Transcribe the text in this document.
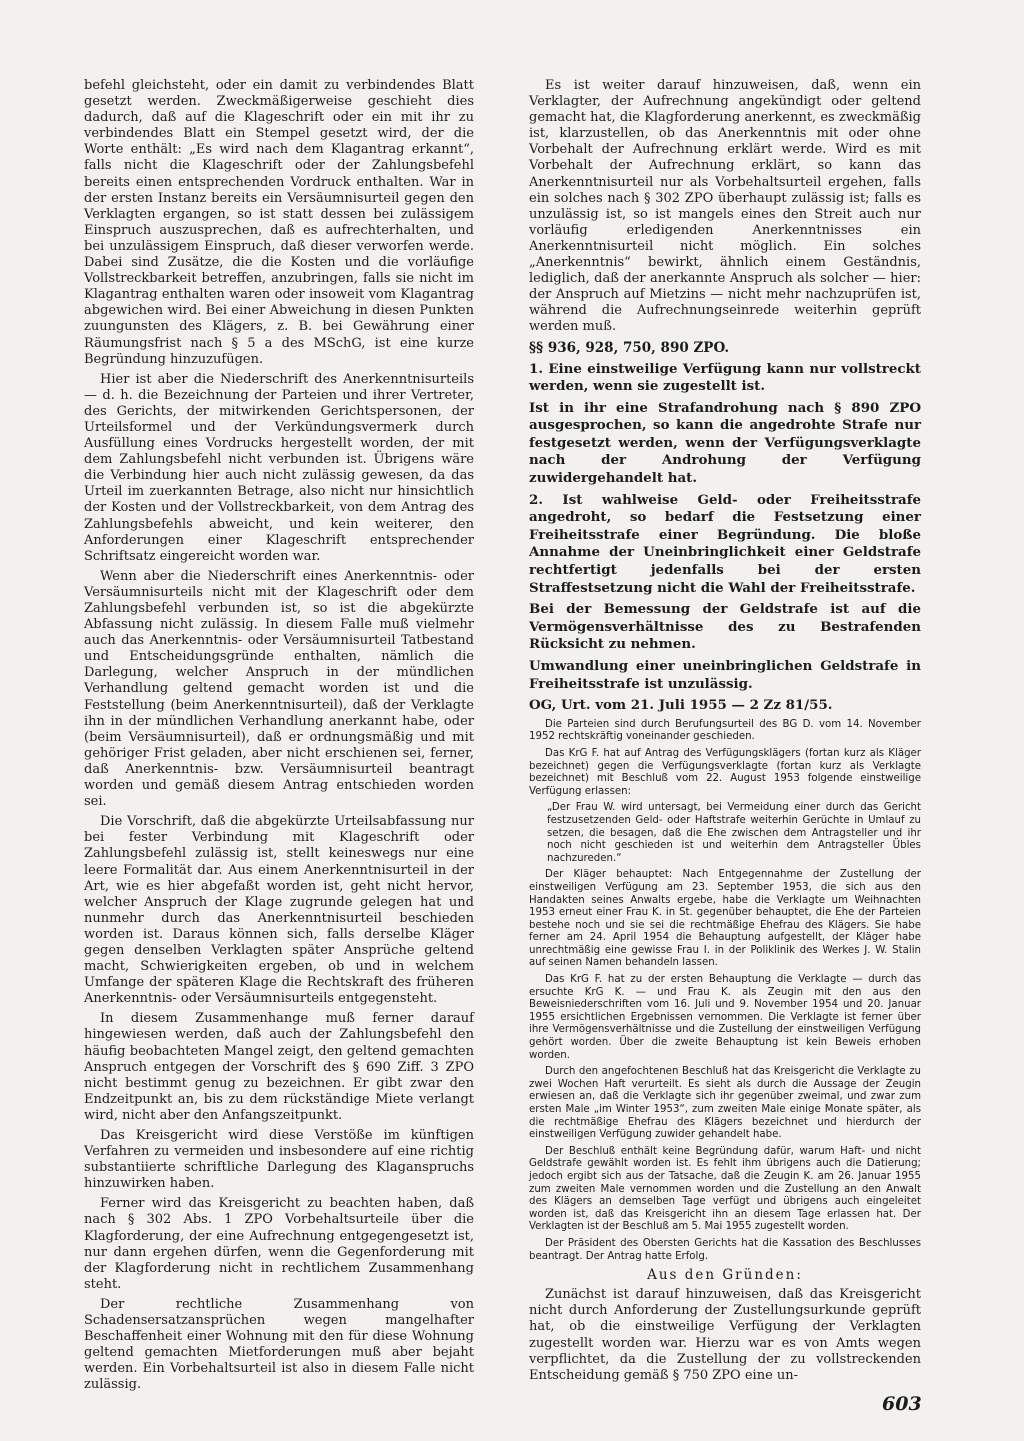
befehl gleichsteht, oder ein damit zu verbindendes Blatt gesetzt werden. Zweckmäßigerweise geschieht dies dadurch, daß auf die Klageschrift oder ein mit ihr zu verbindendes Blatt ein Stempel gesetzt wird, der die Worte enthält: „Es wird nach dem Klagantrag erkannt“, falls nicht die Klageschrift oder der Zahlungsbefehl bereits einen entsprechenden Vordruck enthalten. War in der ersten Instanz bereits ein Versäumnisurteil gegen den Verklagten ergangen, so ist statt dessen bei zulässigem Einspruch auszusprechen, daß es aufrechterhalten, und bei unzulässigem Einspruch, daß dieser verworfen werde. Dabei sind Zusätze, die die Kosten und die vorläufige Vollstreckbarkeit betreffen, anzubringen, falls sie nicht im Klagantrag enthalten waren oder insoweit vom Klagantrag abgewichen wird. Bei einer Abweichung in diesen Punkten zuungunsten des Klägers, z. B. bei Gewährung einer Räumungsfrist nach § 5 a des MSchG, ist eine kurze Begründung hinzuzufügen.

Hier ist aber die Niederschrift des Anerkenntnisurteils — d. h. die Bezeichnung der Parteien und ihrer Vertreter, des Gerichts, der mitwirkenden Gerichtspersonen, der Urteilsformel und der Verkündungsvermerk durch Ausfüllung eines Vordrucks hergestellt worden, der mit dem Zahlungsbefehl nicht verbunden ist. Übrigens wäre die Verbindung hier auch nicht zulässig gewesen, da das Urteil im zuerkannten Betrage, also nicht nur hinsichtlich der Kosten und der Vollstreckbarkeit, von dem Antrag des Zahlungsbefehls abweicht, und kein weiterer, den Anforderungen einer Klageschrift entsprechender Schriftsatz eingereicht worden war.

Wenn aber die Niederschrift eines Anerkenntnis- oder Versäumnisurteils nicht mit der Klageschrift oder dem Zahlungsbefehl verbunden ist, so ist die abgekürzte Abfassung nicht zulässig. In diesem Falle muß vielmehr auch das Anerkenntnis- oder Versäumnisurteil Tatbestand und Entscheidungsgründe enthalten, nämlich die Darlegung, welcher Anspruch in der mündlichen Verhandlung geltend gemacht worden ist und die Feststellung (beim Anerkenntnisurteil), daß der Verklagte ihn in der mündlichen Verhandlung anerkannt habe, oder (beim Versäumnisurteil), daß er ordnungsmäßig und mit gehöriger Frist geladen, aber nicht erschienen sei, ferner, daß Anerkenntnis- bzw. Versäumnisurteil beantragt worden und gemäß diesem Antrag entschieden worden sei.

Die Vorschrift, daß die abgekürzte Urteilsabfassung nur bei fester Verbindung mit Klageschrift oder Zahlungsbefehl zulässig ist, stellt keineswegs nur eine leere Formalität dar. Aus einem Anerkenntnisurteil in der Art, wie es hier abgefaßt worden ist, geht nicht hervor, welcher Anspruch der Klage zugrunde gelegen hat und nunmehr durch das Anerkenntnisurteil beschieden worden ist. Daraus können sich, falls derselbe Kläger gegen denselben Verklagten später Ansprüche geltend macht, Schwierigkeiten ergeben, ob und in welchem Umfange der späteren Klage die Rechtskraft des früheren Anerkenntnis- oder Versäumnisurteils entgegensteht.

In diesem Zusammenhange muß ferner darauf hingewiesen werden, daß auch der Zahlungsbefehl den häufig beobachteten Mangel zeigt, den geltend gemachten Anspruch entgegen der Vorschrift des § 690 Ziff. 3 ZPO nicht bestimmt genug zu bezeichnen. Er gibt zwar den Endzeitpunkt an, bis zu dem rückständige Miete verlangt wird, nicht aber den Anfangszeitpunkt.

Das Kreisgericht wird diese Verstöße im künftigen Verfahren zu vermeiden und insbesondere auf eine richtig substantiierte schriftliche Darlegung des Klaganspruchs hinzuwirken haben.

Ferner wird das Kreisgericht zu beachten haben, daß nach § 302 Abs. 1 ZPO Vorbehaltsurteile über die Klagforderung, der eine Aufrechnung entgegengesetzt ist, nur dann ergehen dürfen, wenn die Gegenforderung mit der Klagforderung nicht in rechtlichem Zusammenhang steht.

Der rechtliche Zusammenhang von Schadensersatzansprüchen wegen mangelhafter Beschaffenheit einer Wohnung mit den für diese Wohnung geltend gemachten Mietforderungen muß aber bejaht werden. Ein Vorbehaltsurteil ist also in diesem Falle nicht zulässig.

Es ist weiter darauf hinzuweisen, daß, wenn ein Verklagter, der Aufrechnung angekündigt oder geltend gemacht hat, die Klagforderung anerkennt, es zweckmäßig ist, klarzustellen, ob das Anerkenntnis mit oder ohne Vorbehalt der Aufrechnung erklärt werde. Wird es mit Vorbehalt der Aufrechnung erklärt, so kann das Anerkenntnisurteil nur als Vorbehaltsurteil ergehen, falls ein solches nach § 302 ZPO überhaupt zulässig ist; falls es unzulässig ist, so ist mangels eines den Streit auch nur vorläufig erledigenden Anerkenntnisses ein Anerkenntnisurteil nicht möglich. Ein solches „Anerkenntnis“ bewirkt, ähnlich einem Geständnis, lediglich, daß der anerkannte Anspruch als solcher — hier: der Anspruch auf Mietzins — nicht mehr nachzuprüfen ist, während die Aufrechnungseinrede weiterhin geprüft werden muß.

§§ 936, 928, 750, 890 ZPO.

1. Eine einstweilige Verfügung kann nur vollstreckt werden, wenn sie zugestellt ist.

Ist in ihr eine Strafandrohung nach § 890 ZPO ausgesprochen, so kann die angedrohte Strafe nur festgesetzt werden, wenn der Verfügungsverklagte nach der Androhung der Verfügung zuwidergehandelt hat.

2. Ist wahlweise Geld- oder Freiheitsstrafe angedroht, so bedarf die Festsetzung einer Freiheitsstrafe einer Begründung. Die bloße Annahme der Uneinbringlichkeit einer Geldstrafe rechtfertigt jedenfalls bei der ersten Straffestsetzung nicht die Wahl der Freiheitsstrafe.

Bei der Bemessung der Geldstrafe ist auf die Vermögensverhältnisse des zu Bestrafenden Rücksicht zu nehmen.

Umwandlung einer uneinbringlichen Geldstrafe in Freiheitsstrafe ist unzulässig.

OG, Urt. vom 21. Juli 1955 — 2 Zz 81/55.

Die Parteien sind durch Berufungsurteil des BG D. vom 14. November 1952 rechtskräftig voneinander geschieden.

Das KrG F. hat auf Antrag des Verfügungsklägers (fortan kurz als Kläger bezeichnet) gegen die Verfügungsverklagte (fortan kurz als Verklagte bezeichnet) mit Beschluß vom 22. August 1953 folgende einstweilige Verfügung erlassen:

„Der Frau W. wird untersagt, bei Vermeidung einer durch das Gericht festzusetzenden Geld- oder Haftstrafe weiterhin Gerüchte in Umlauf zu setzen, die besagen, daß die Ehe zwischen dem Antragsteller und ihr noch nicht geschieden ist und weiterhin dem Antragsteller Übles nachzureden.“

Der Kläger behauptet: Nach Entgegennahme der Zustellung der einstweiligen Verfügung am 23. September 1953, die sich aus den Handakten seines Anwalts ergebe, habe die Verklagte um Weihnachten 1953 erneut einer Frau K. in St. gegenüber behauptet, die Ehe der Parteien bestehe noch und sie sei die rechtmäßige Ehefrau des Klägers. Sie habe ferner am 24. April 1954 die Behauptung aufgestellt, der Kläger habe unrechtmäßig eine gewisse Frau I. in der Poliklinik des Werkes J. W. Stalin auf seinen Namen behandeln lassen.

Das KrG F. hat zu der ersten Behauptung die Verklagte — durch das ersuchte KrG K. — und Frau K. als Zeugin mit den aus den Beweisniederschriften vom 16. Juli und 9. November 1954 und 20. Januar 1955 ersichtlichen Ergebnissen vernommen. Die Verklagte ist ferner über ihre Vermögensverhältnisse und die Zustellung der einstweiligen Verfügung gehört worden. Über die zweite Behauptung ist kein Beweis erhoben worden.

Durch den angefochtenen Beschluß hat das Kreisgericht die Verklagte zu zwei Wochen Haft verurteilt. Es sieht als durch die Aussage der Zeugin erwiesen an, daß die Verklagte sich ihr gegenüber zweimal, und zwar zum ersten Male „im Winter 1953“, zum zweiten Male einige Monate später, als die rechtmäßige Ehefrau des Klägers bezeichnet und hierdurch der einstweiligen Verfügung zuwider gehandelt habe.

Der Beschluß enthält keine Begründung dafür, warum Haft- und nicht Geldstrafe gewählt worden ist. Es fehlt ihm übrigens auch die Datierung; jedoch ergibt sich aus der Tatsache, daß die Zeugin K. am 26. Januar 1955 zum zweiten Male vernommen worden und die Zustellung an den Anwalt des Klägers an demselben Tage verfügt und übrigens auch eingeleitet worden ist, daß das Kreisgericht ihn an diesem Tage erlassen hat. Der Verklagten ist der Beschluß am 5. Mai 1955 zugestellt worden.

Der Präsident des Obersten Gerichts hat die Kassation des Beschlusses beantragt. Der Antrag hatte Erfolg.

Aus den Gründen:

Zunächst ist darauf hinzuweisen, daß das Kreisgericht nicht durch Anforderung der Zustellungsurkunde geprüft hat, ob die einstweilige Verfügung der Verklagten zugestellt worden war. Hierzu war es von Amts wegen verpflichtet, da die Zustellung der zu vollstreckenden Entscheidung gemäß § 750 ZPO eine un-

603
